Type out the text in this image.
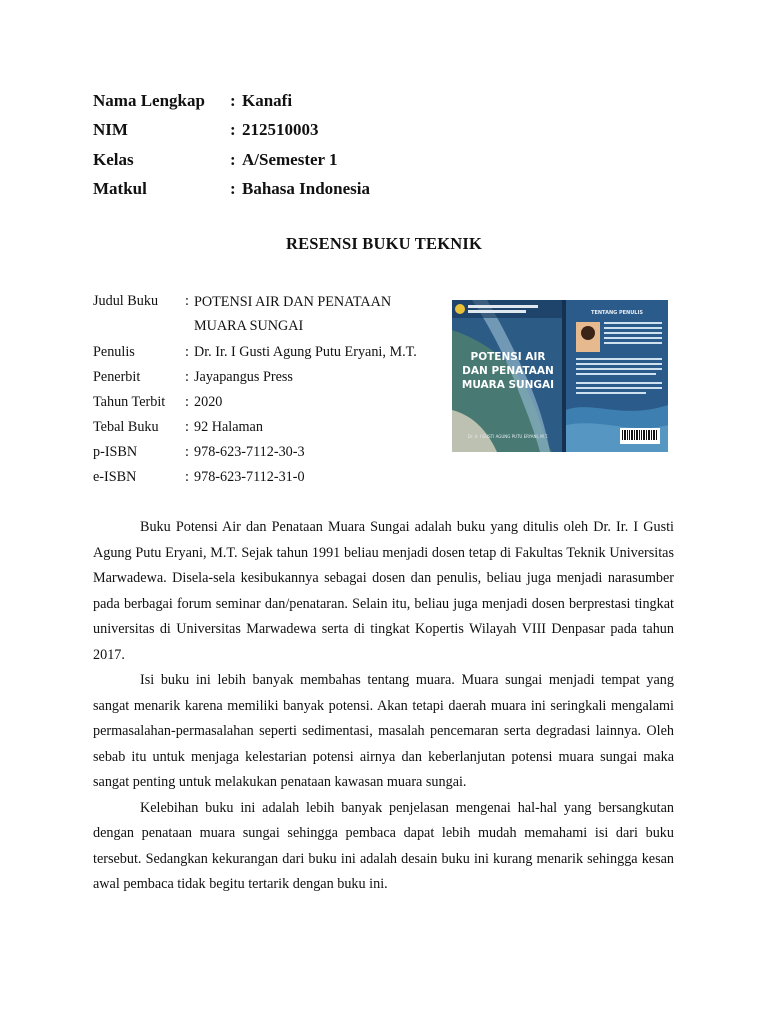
Nama Lengkap	: Kanafi
NIM	: 212510003
Kelas	: A/Semester 1
Matkul	: Bahasa Indonesia
RESENSI BUKU TEKNIK
Judul Buku	: POTENSI AIR DAN PENATAAN MUARA SUNGAI
Penulis	: Dr. Ir. I Gusti Agung Putu Eryani, M.T.
Penerbit	: Jayapangus Press
Tahun Terbit	: 2020
Tebal Buku	: 92 Halaman
p-ISBN	: 978-623-7112-30-3
e-ISBN	: 978-623-7112-31-0
POTENSI AIR
DAN PENATAAN
MUARA SUNGAI
Dr. Ir. I GUSTI AGUNG PUTU ERYANI, M.T.
TENTANG PENULIS

Buku Potensi Air dan Penataan Muara Sungai adalah buku yang ditulis oleh Dr. Ir. I Gusti Agung Putu Eryani, M.T. Sejak tahun 1991 beliau menjadi dosen tetap di Fakultas Teknik Universitas Marwadewa. Disela-sela kesibukannya sebagai dosen dan penulis, beliau juga menjadi narasumber pada berbagai forum seminar dan/penataran. Selain itu, beliau juga menjadi dosen berprestasi tingkat universitas di Universitas Marwadewa serta di tingkat Kopertis Wilayah VIII Denpasar pada tahun 2017.

Isi buku ini lebih banyak membahas tentang muara. Muara sungai menjadi tempat yang sangat menarik karena memiliki banyak potensi. Akan tetapi daerah muara ini seringkali mengalami permasalahan-permasalahan seperti sedimentasi, masalah pencemaran serta degradasi lainnya. Oleh sebab itu untuk menjaga kelestarian potensi airnya dan keberlanjutan potensi muara sungai maka sangat penting untuk melakukan penataan kawasan muara sungai.

Kelebihan buku ini adalah lebih banyak penjelasan mengenai hal-hal yang bersangkutan dengan penataan muara sungai sehingga pembaca dapat lebih mudah memahami isi dari buku tersebut. Sedangkan kekurangan dari buku ini adalah desain buku ini kurang menarik sehingga kesan awal pembaca tidak begitu tertarik dengan buku ini.
